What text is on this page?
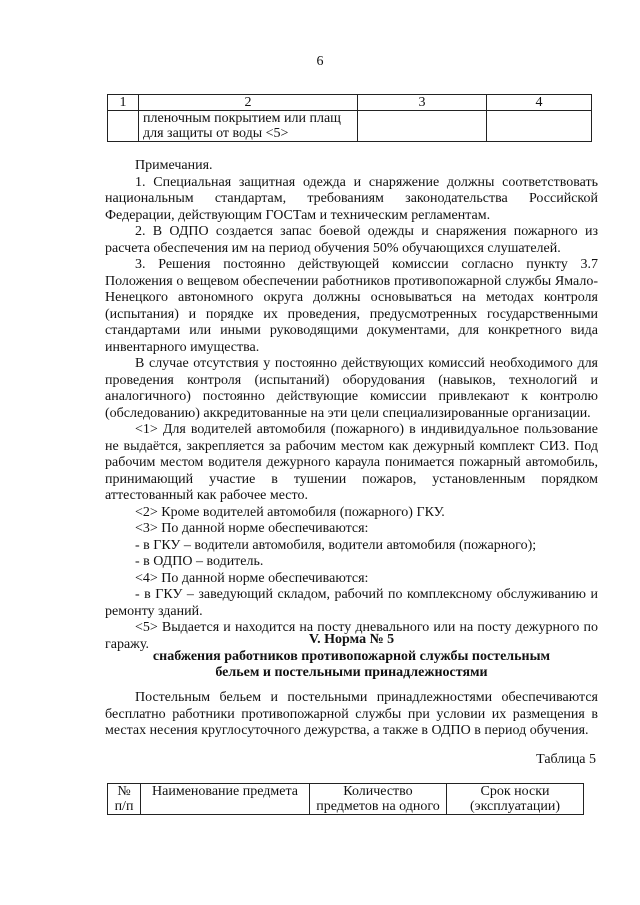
6
1	2	3	4
	пленочным покрытием или плащ для защиты от воды <5>		

Примечания.

1. Специальная защитная одежда и снаряжение должны соответствовать национальным стандартам, требованиям законодательства Российской Федерации, действующим ГОСТам и техническим регламентам.

2. В ОДПО создается запас боевой одежды и снаряжения пожарного из расчета обеспечения им на период обучения 50% обучающихся слушателей.

3. Решения постоянно действующей комиссии согласно пункту 3.7 Положения о вещевом обеспечении работников противопожарной службы Ямало-Ненецкого автономного округа должны основываться на методах контроля (испытания) и порядке их проведения, предусмотренных государственными стандартами или иными руководящими документами, для конкретного вида инвентарного имущества.

В случае отсутствия у постоянно действующих комиссий необходимого для проведения контроля (испытаний) оборудования (навыков, технологий и аналогичного) постоянно действующие комиссии привлекают к контролю (обследованию) аккредитованные на эти цели специализированные организации.

<1> Для водителей автомобиля (пожарного) в индивидуальное пользование не выдаётся, закрепляется за рабочим местом как дежурный комплект СИЗ. Под рабочим местом водителя дежурного караула понимается пожарный автомобиль, принимающий участие в тушении пожаров, установленным порядком аттестованный как рабочее место.

<2> Кроме водителей автомобиля (пожарного) ГКУ.

<3> По данной норме обеспечиваются:

- в ГКУ – водители автомобиля, водители автомобиля (пожарного);

- в ОДПО – водитель.

<4> По данной норме обеспечиваются:

- в ГКУ – заведующий складом, рабочий по комплексному обслуживанию и ремонту зданий.

<5> Выдается и находится на посту дневального или на посту дежурного по гаражу.	V. Норма № 5
снабжения работников противопожарной службы постельным
бельем и постельными принадлежностями

Постельным бельем и постельными принадлежностями обеспечиваются бесплатно работники противопожарной службы при условии их размещения в местах несения круглосуточного дежурства, а также в ОДПО в период обучения.

Таблица 5
№ п/п	Наименование предмета	Количество предметов на одного	Срок носки (эксплуатации)
